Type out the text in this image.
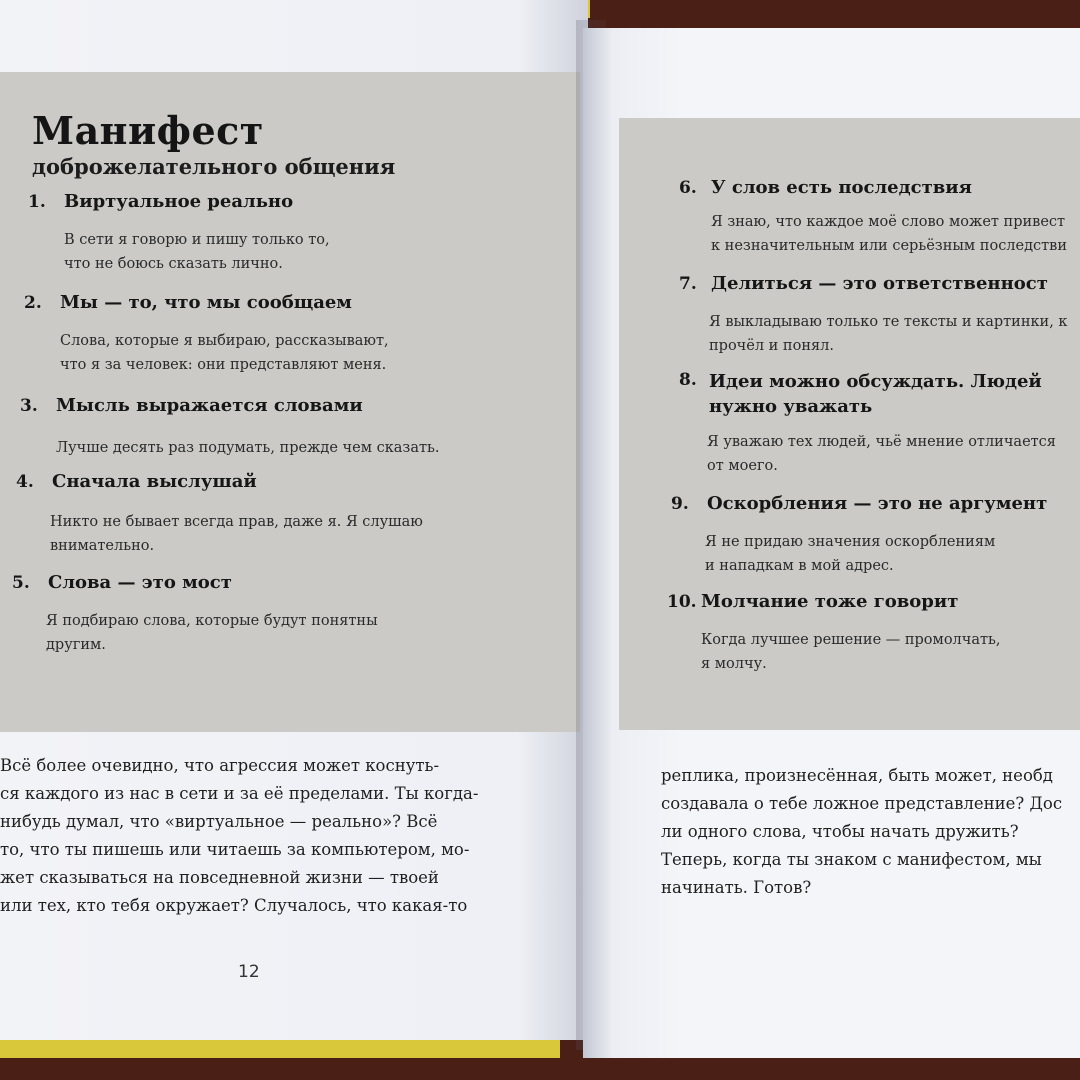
Манифест
доброжелательного общения
1. Виртуальное реально
В сети я говорю и пишу только то,
что не боюсь сказать лично.
2. Мы — то, что мы сообщаем
Слова, которые я выбираю, рассказывают,
что я за человек: они представляют меня.
3. Мысль выражается словами
Лучше десять раз подумать, прежде чем сказать.
4. Сначала выслушай
Никто не бывает всегда прав, даже я. Я слушаю
внимательно.
5. Слова — это мост
Я подбираю слова, которые будут понятны
другим.
Всё более очевидно, что агрессия может коснуть-
ся каждого из нас в сети и за её пределами. Ты когда-
нибудь думал, что «виртуальное — реально»? Всё
то, что ты пишешь или читаешь за компьютером, мо-
жет сказываться на повседневной жизни — твоей
или тех, кто тебя окружает? Случалось, что какая-то
12
6. У слов есть последствия
Я знаю, что каждое моё слово может привест
к незначительным или серьёзным последстви
7. Делиться — это ответственност
Я выкладываю только те тексты и картинки, к
прочёл и понял.
8. Идеи можно обсуждать. Людей нужно уважать
Я уважаю тех людей, чьё мнение отличается
от моего.
9. Оскорбления — это не аргумент
Я не придаю значения оскорблениям
и нападкам в мой адрес.
10. Молчание тоже говорит
Когда лучшее решение — промолчать,
я молчу.
реплика, произнесённая, быть может, необд
создавала о тебе ложное представление? Дос
ли одного слова, чтобы начать дружить?
Теперь, когда ты знаком с манифестом, мы
начинать. Готов?
